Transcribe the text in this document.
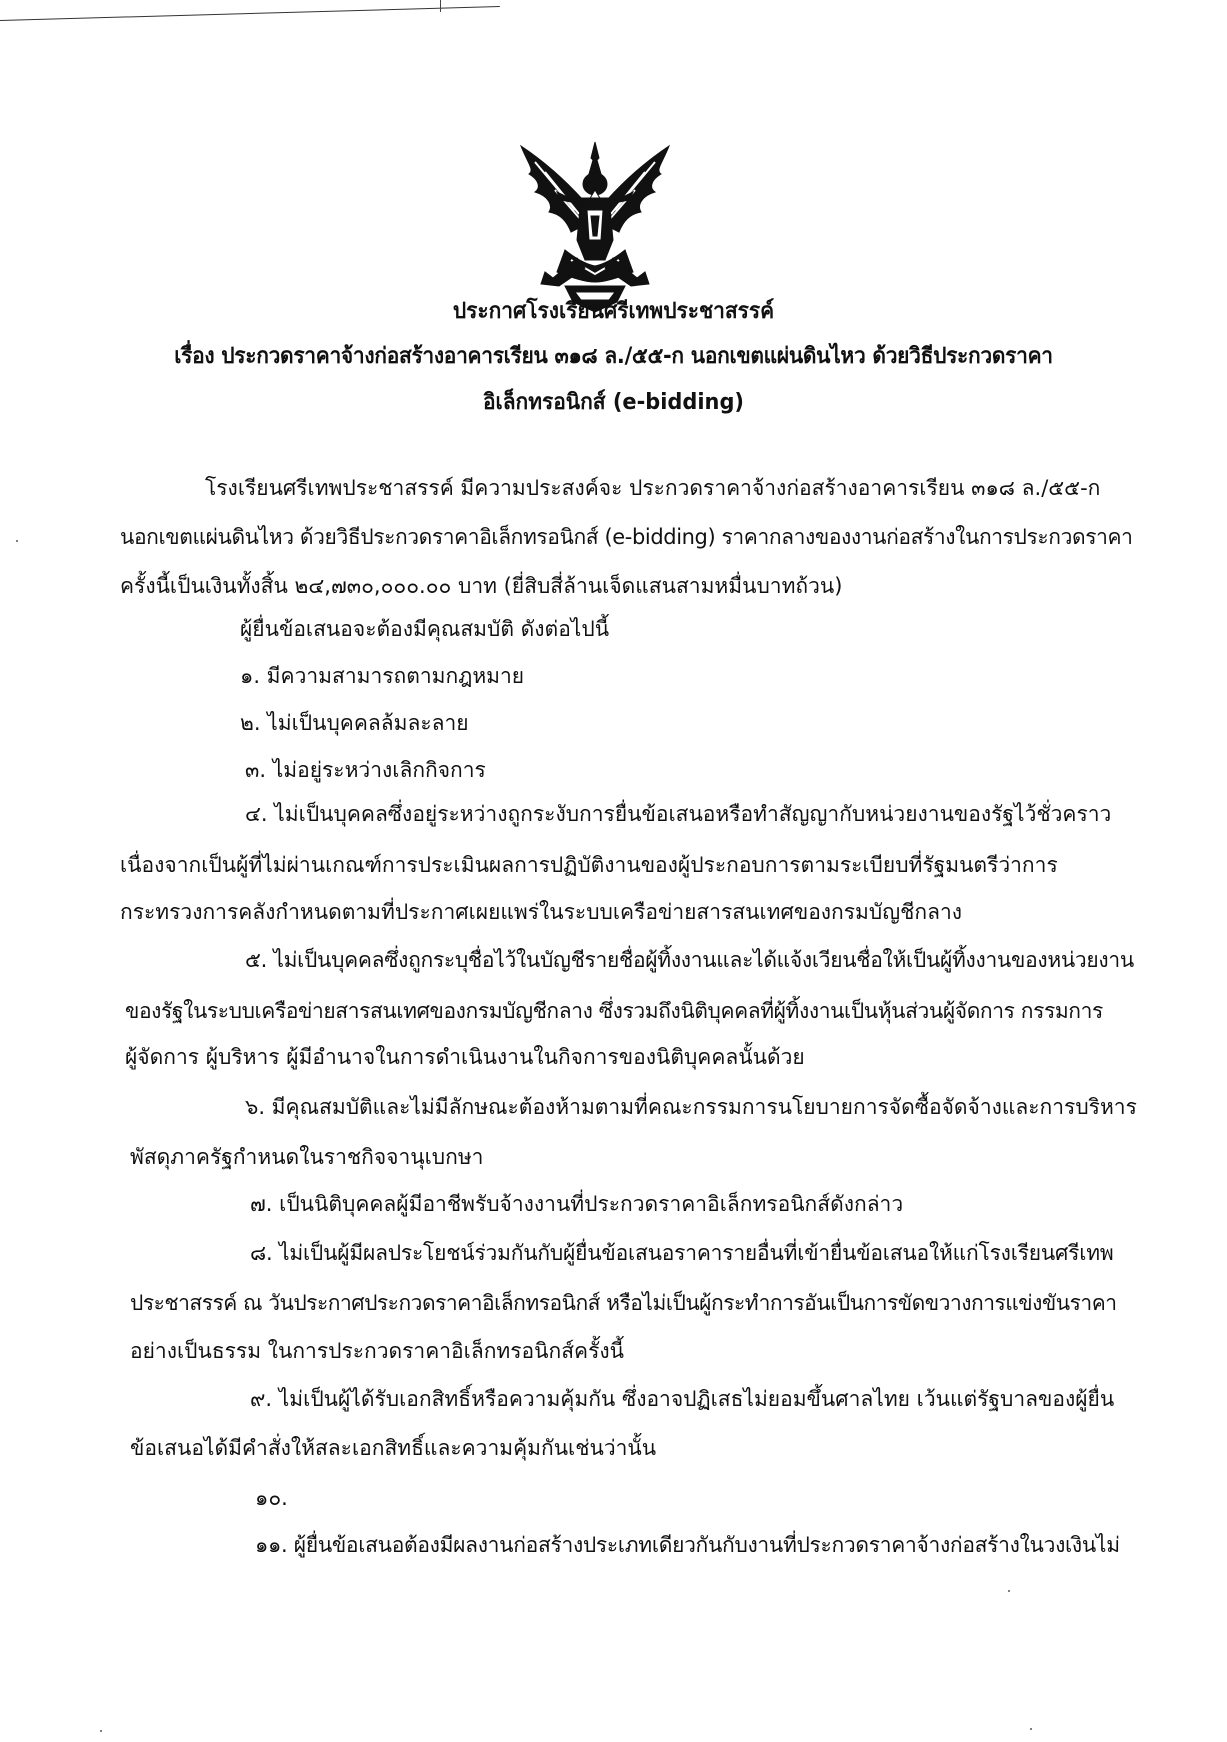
ประกาศโรงเรียนศรีเทพประชาสรรค์
เรื่อง ประกวดราคาจ้างก่อสร้างอาคารเรียน ๓๑๘ ล./๕๕-ก นอกเขตแผ่นดินไหว ด้วยวิธีประกวดราคา
อิเล็กทรอนิกส์ (e-bidding)
โรงเรียนศรีเทพประชาสรรค์ มีความประสงค์จะ ประกวดราคาจ้างก่อสร้างอาคารเรียน ๓๑๘ ล./๕๕-ก
นอกเขตแผ่นดินไหว ด้วยวิธีประกวดราคาอิเล็กทรอนิกส์ (e-bidding) ราคากลางของงานก่อสร้างในการประกวดราคา
ครั้งนี้เป็นเงินทั้งสิ้น ๒๔,๗๓๐,๐๐๐.๐๐ บาท (ยี่สิบสี่ล้านเจ็ดแสนสามหมื่นบาทถ้วน)
ผู้ยื่นข้อเสนอจะต้องมีคุณสมบัติ ดังต่อไปนี้
๑. มีความสามารถตามกฎหมาย
๒. ไม่เป็นบุคคลล้มละลาย
๓. ไม่อยู่ระหว่างเลิกกิจการ
๔. ไม่เป็นบุคคลซึ่งอยู่ระหว่างถูกระงับการยื่นข้อเสนอหรือทำสัญญากับหน่วยงานของรัฐไว้ชั่วคราว
เนื่องจากเป็นผู้ที่ไม่ผ่านเกณฑ์การประเมินผลการปฏิบัติงานของผู้ประกอบการตามระเบียบที่รัฐมนตรีว่าการ
กระทรวงการคลังกำหนดตามที่ประกาศเผยแพร่ในระบบเครือข่ายสารสนเทศของกรมบัญชีกลาง
๕. ไม่เป็นบุคคลซึ่งถูกระบุชื่อไว้ในบัญชีรายชื่อผู้ทิ้งงานและได้แจ้งเวียนชื่อให้เป็นผู้ทิ้งงานของหน่วยงาน
ของรัฐในระบบเครือข่ายสารสนเทศของกรมบัญชีกลาง ซึ่งรวมถึงนิติบุคคลที่ผู้ทิ้งงานเป็นหุ้นส่วนผู้จัดการ กรรมการ
ผู้จัดการ ผู้บริหาร ผู้มีอำนาจในการดำเนินงานในกิจการของนิติบุคคลนั้นด้วย
๖. มีคุณสมบัติและไม่มีลักษณะต้องห้ามตามที่คณะกรรมการนโยบายการจัดซื้อจัดจ้างและการบริหาร
พัสดุภาครัฐกำหนดในราชกิจจานุเบกษา
๗. เป็นนิติบุคคลผู้มีอาชีพรับจ้างงานที่ประกวดราคาอิเล็กทรอนิกส์ดังกล่าว
๘. ไม่เป็นผู้มีผลประโยชน์ร่วมกันกับผู้ยื่นข้อเสนอราคารายอื่นที่เข้ายื่นข้อเสนอให้แก่โรงเรียนศรีเทพ
ประชาสรรค์ ณ วันประกาศประกวดราคาอิเล็กทรอนิกส์ หรือไม่เป็นผู้กระทำการอันเป็นการขัดขวางการแข่งขันราคา
อย่างเป็นธรรม ในการประกวดราคาอิเล็กทรอนิกส์ครั้งนี้
๙. ไม่เป็นผู้ได้รับเอกสิทธิ์หรือความคุ้มกัน ซึ่งอาจปฏิเสธไม่ยอมขึ้นศาลไทย เว้นแต่รัฐบาลของผู้ยื่น
ข้อเสนอได้มีคำสั่งให้สละเอกสิทธิ์และความคุ้มกันเช่นว่านั้น
๑๐.
๑๑. ผู้ยื่นข้อเสนอต้องมีผลงานก่อสร้างประเภทเดียวกันกับงานที่ประกวดราคาจ้างก่อสร้างในวงเงินไม่
